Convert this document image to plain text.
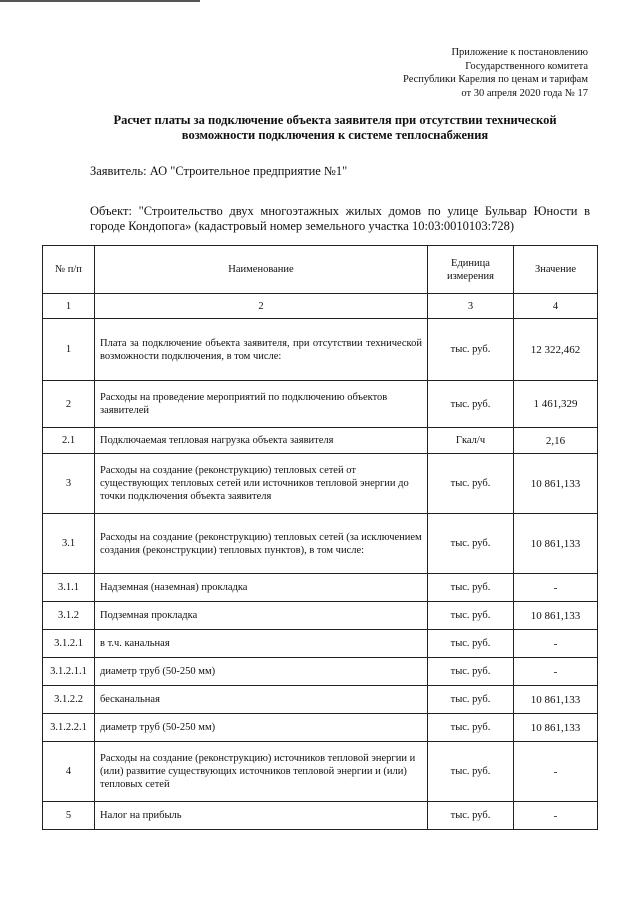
Приложение к постановлению
Государственного комитета
Республики Карелия по ценам и тарифам
от 30 апреля 2020 года № 17
Расчет платы за подключение объекта заявителя при отсутствии технической
возможности подключения к системе теплоснабжения
Заявитель: АО "Строительное предприятие №1"
Объект: "Строительство двух многоэтажных жилых домов по улице Бульвар Юности в городе Кондопога» (кадастровый номер земельного участка 10:03:0010103:728)
№ п/п	Наименование	Единица измерения	Значение
1	2	3	4
1	Плата за подключение объекта заявителя, при отсутствии технической возможности подключения, в том числе:	тыс. руб.	12 322,462
2	Расходы на проведение мероприятий по подключению объектов заявителей	тыс. руб.	1 461,329
2.1	Подключаемая тепловая нагрузка объекта заявителя	Гкал/ч	2,16
3	Расходы на создание (реконструкцию) тепловых сетей от существующих тепловых сетей или источников тепловой энергии до точки подключения объекта заявителя	тыс. руб.	10 861,133
3.1	Расходы на создание (реконструкцию) тепловых сетей (за исключением создания (реконструкции) тепловых пунктов), в том числе:	тыс. руб.	10 861,133
3.1.1	Надземная (наземная) прокладка	тыс. руб.	-
3.1.2	Подземная прокладка	тыс. руб.	10 861,133
3.1.2.1	в т.ч. канальная	тыс. руб.	-
3.1.2.1.1	диаметр труб (50-250 мм)	тыс. руб.	-
3.1.2.2	бесканальная	тыс. руб.	10 861,133
3.1.2.2.1	диаметр труб (50-250 мм)	тыс. руб.	10 861,133
4	Расходы на создание (реконструкцию) источников тепловой энергии и (или) развитие существующих источников тепловой энергии и (или) тепловых сетей	тыс. руб.	-
5	Налог на прибыль	тыс. руб.	-
